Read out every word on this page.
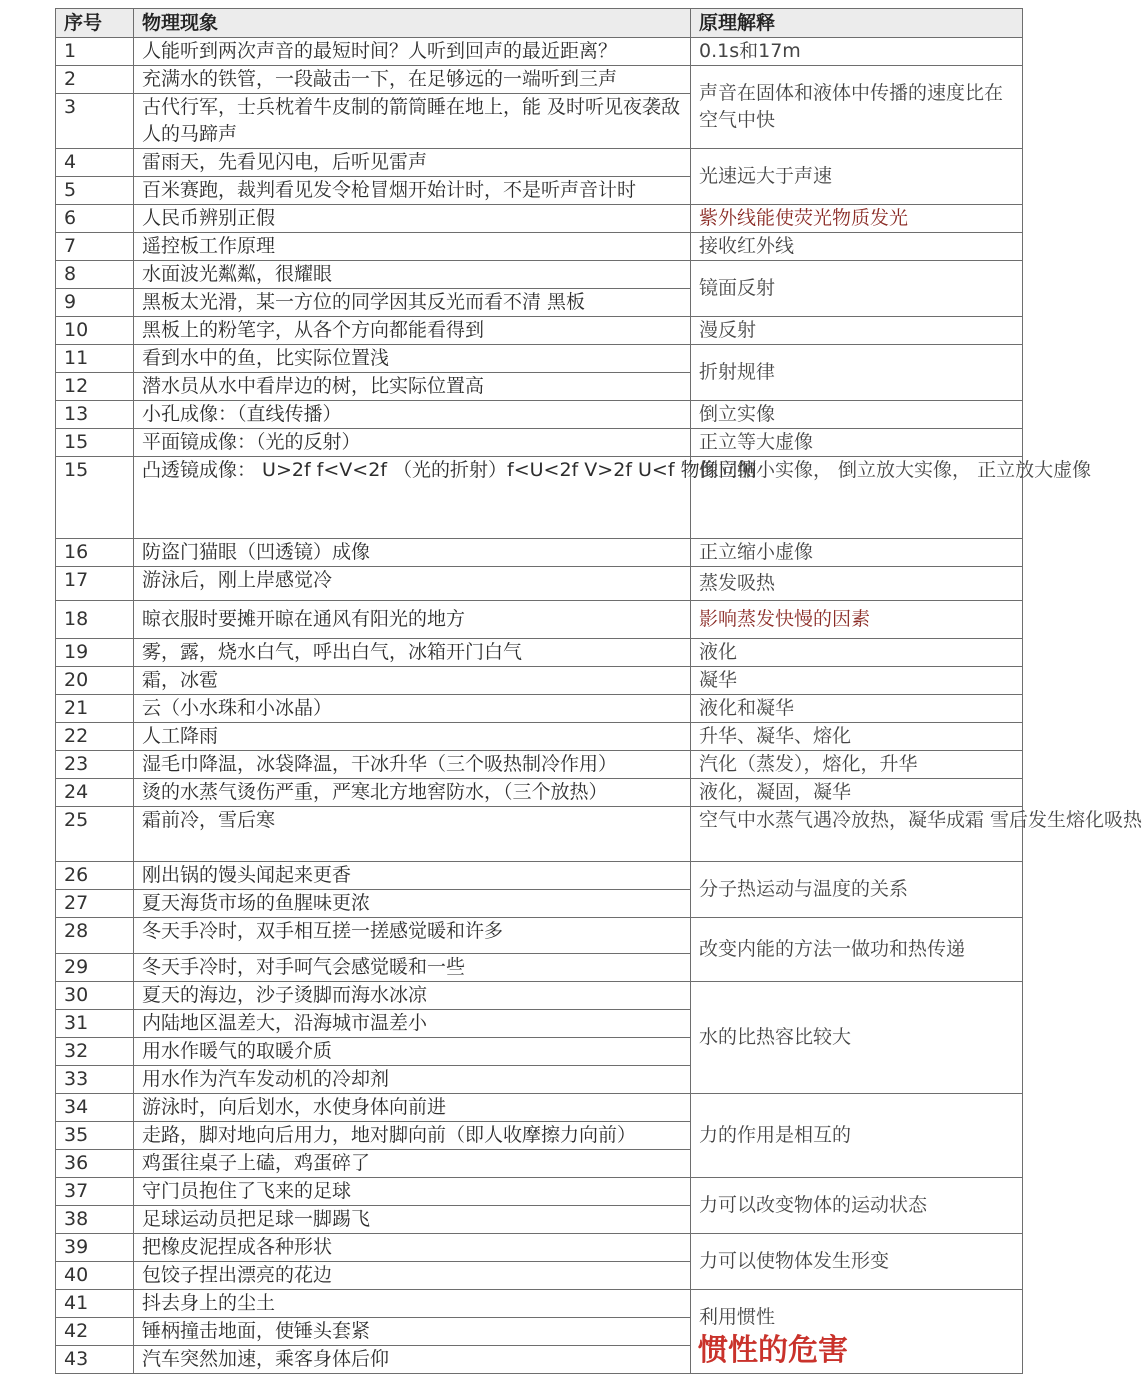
序号	物理现象	原理解释
1	人能听到两次声音的最短时间？人听到回声的最近距离？	0.1s和17m
2	充满水的铁管，一段敲击一下，在足够远的一端听到三声	声音在固体和液体中传播的速度比在空气中快
3	古代行军，士兵枕着牛皮制的箭筒睡在地上，能 及时听见夜袭敌人的马蹄声	
4	雷雨天，先看见闪电，后听见雷声	光速远大于声速
5	百米赛跑，裁判看见发令枪冒烟开始计时，不是听声音计时	
6	人民币辨别正假	紫外线能使荧光物质发光
7	遥控板工作原理	接收红外线
8	水面波光粼粼，很耀眼	镜面反射
9	黑板太光滑，某一方位的同学因其反光而看不清 黑板	
10	黑板上的粉笔字，从各个方向都能看得到	漫反射
11	看到水中的鱼，比实际位置浅	折射规律
12	潜水员从水中看岸边的树，比实际位置高	
13	小孔成像：（直线传播）	倒立实像
15	平面镜成像：（光的反射）	正立等大虚像
15	凸透镜成像： U>2f f<V<2f （光的折射）f<U<2f V>2f U<f 物像同侧	倒立缩小实像， 倒立放大实像， 正立放大虚像
16	防盗门猫眼（凹透镜）成像	正立缩小虚像
17	游泳后，刚上岸感觉冷	蒸发吸热
18	晾衣服时要摊开晾在通风有阳光的地方	影响蒸发快慢的因素
19	雾，露，烧水白气，呼出白气，冰箱开门白气	液化
20	霜，冰雹	凝华
21	云（小水珠和小冰晶）	液化和凝华
22	人工降雨	升华、凝华、熔化
23	湿毛巾降温，冰袋降温，干冰升华（三个吸热制冷作用）	汽化（蒸发），熔化，升华
24	烫的水蒸气烫伤严重，严寒北方地窖防水，（三个放热）	液化，凝固，凝华
25	霜前冷，雪后寒	空气中水蒸气遇冷放热，凝华成霜 雪后发生熔化吸热
26	刚出锅的馒头闻起来更香	分子热运动与温度的关系
27	夏天海货市场的鱼腥味更浓	
28	冬天手冷时，双手相互搓一搓感觉暖和许多	改变内能的方法一做功和热传递
29	冬天手冷时，对手呵气会感觉暖和一些	
30	夏天的海边，沙子烫脚而海水冰凉	水的比热容比较大
31	内陆地区温差大，沿海城市温差小	
32	用水作暖气的取暖介质	
33	用水作为汽车发动机的冷却剂	
34	游泳时，向后划水，水使身体向前进	力的作用是相互的
35	走路，脚对地向后用力，地对脚向前（即人收摩擦力向前）	
36	鸡蛋往桌子上磕，鸡蛋碎了	
37	守门员抱住了飞来的足球	力可以改变物体的运动状态
38	足球运动员把足球一脚踢飞	
39	把橡皮泥捏成各种形状	力可以使物体发生形变
40	包饺子捏出漂亮的花边	
41	抖去身上的尘土	利用惯性
42	锤柄撞击地面，使锤头套紧	
43	汽车突然加速，乘客身体后仰		惯性的危害
